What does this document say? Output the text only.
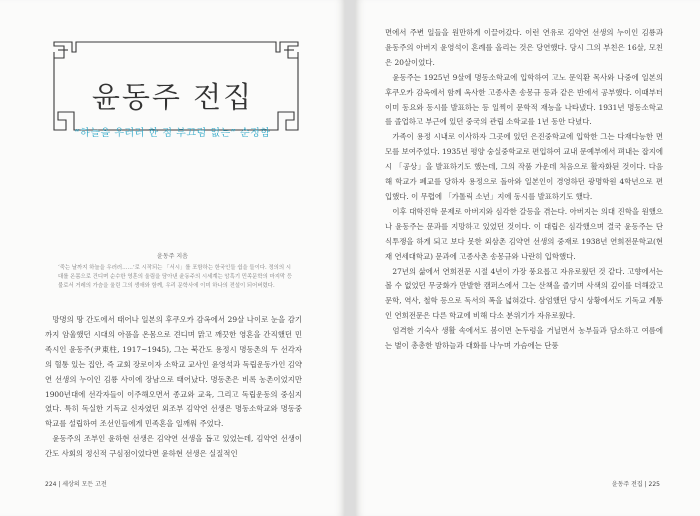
윤동주 전집
“하늘을 우러러 한 점 부끄럼 없는” 순정함
윤동주 지음

‘죽는 날까지 하늘을 우러러……’로 시작되는 「서시」를 포함하는 한국인들 쉽을 들이다. 정의의 시대를 온몸으로 건디며 순수한 영혼의 울림을 담아낸 윤동주의 시세계는 암흑기 민족문학의 마지막 등불로서 거레의 가슴을 울린 그의 생애와 함께, 우리 문학사에 이미 하나의 전설이 되어버렸다.

망명의 땅 간도에서 태어나 일본의 후쿠오카 감옥에서 29살 나이로 눈을 감기까지 암울했던 시대의 아픔을 온몸으로 견디며 맑고 깨끗한 영혼을 간직했던 민족시인 윤동주(尹東柱, 1917~1945), 그는 북간도 용정시 명동촌의 두 선각자의 혈통 있는 집안, 즉 교회 장로이자 소학교 교사인 윤영석과 독립운동가인 김약연 선생의 누이인 김룡 사이에 장남으로 태어났다. 명동촌은 비록 농촌이었지만 1900년대에 선각자들이 이주해오면서 종교와 교육, 그리고 독립운동의 중심지였다. 특히 독실한 기독교 신자였던 외조부 김약연 선생은 명동소학교와 명동중학교를 설립하여 조선인들에게 민족혼을 일깨워 주었다.

윤동주의 조부인 윤하현 선생은 김약연 선생을 돕고 있었는데, 김약연 선생이 간도 사회의 정신적 구심점이었다면 윤하현 선생은 실질적인

224 | 세상의 모든 고전

면에서 주변 일들을 원만하게 이끌어갔다. 이런 연유로 김약연 선생의 누이인 김룡과 윤동주의 아버지 윤영석이 혼례를 올리는 것은 당연했다. 당시 그의 부친은 16살, 모친은 20살이었다.

윤동주는 1925년 9살에 명동소학교에 입학하여 고노 문익환 목사와 나중에 일본의 후쿠오카 감옥에서 함께 옥사한 고종사촌 송몽규 등과 같은 반에서 공부했다. 이때부터 이미 동요와 동시를 발표하는 등 일찍이 문학적 재능을 나타냈다. 1931년 명동소학교를 졸업하고 부근에 있던 중국의 관립 소학교를 1년 동안 다녔다.

가족이 용정 시내로 이사하자 그곳에 있던 은진중학교에 입학한 그는 다재다능한 면모를 보여주었다. 1935년 평양 숭실중학교로 편입하여 교내 문예부에서 펴내는 잡지에 시 「공상」을 발표하기도 했는데, 그의 작품 가운데 처음으로 활자화된 것이다. 다음 해 학교가 폐교를 당하자 용정으로 돌아와 일본인이 경영하던 광명학원 4학년으로 편입했다. 이 무렵에 「가톨릭 소년」지에 동시를 발표하기도 했다.

이후 대학진학 문제로 아버지와 심각한 갈등을 겪는다. 아버지는 의대 진학을 원했으나 윤동주는 문과를 지망하고 있었던 것이다. 이 대립은 심각했으며 결국 윤동주는 단식투쟁을 하게 되고 보다 못한 외삼촌 김약연 선생의 중재로 1938년 연희전문학교(현재 연세대학교) 문과에 고종사촌 송몽규와 나란히 입학했다.

27년의 삶에서 연희전문 시절 4년이 가장 풍요롭고 자유로웠던 것 같다. 고향에서는 볼 수 없었던 무궁화가 만발한 캠퍼스에서 그는 산책을 즐기며 사색의 깊이를 더해갔고 문학, 역사, 철학 등으로 독서의 폭을 넓혀갔다. 삼엄했던 당시 상황에서도 기독교 계통인 연희전문은 다른 학교에 비해 다소 분위기가 자유로웠다.

엄격한 기숙사 생활 속에서도 봄이면 논두렁을 거닐면서 농부들과 담소하고 여름에는 별이 총총한 밤하늘과 대화를 나누며 가슴에는 단풍

윤동주 전집 | 225
